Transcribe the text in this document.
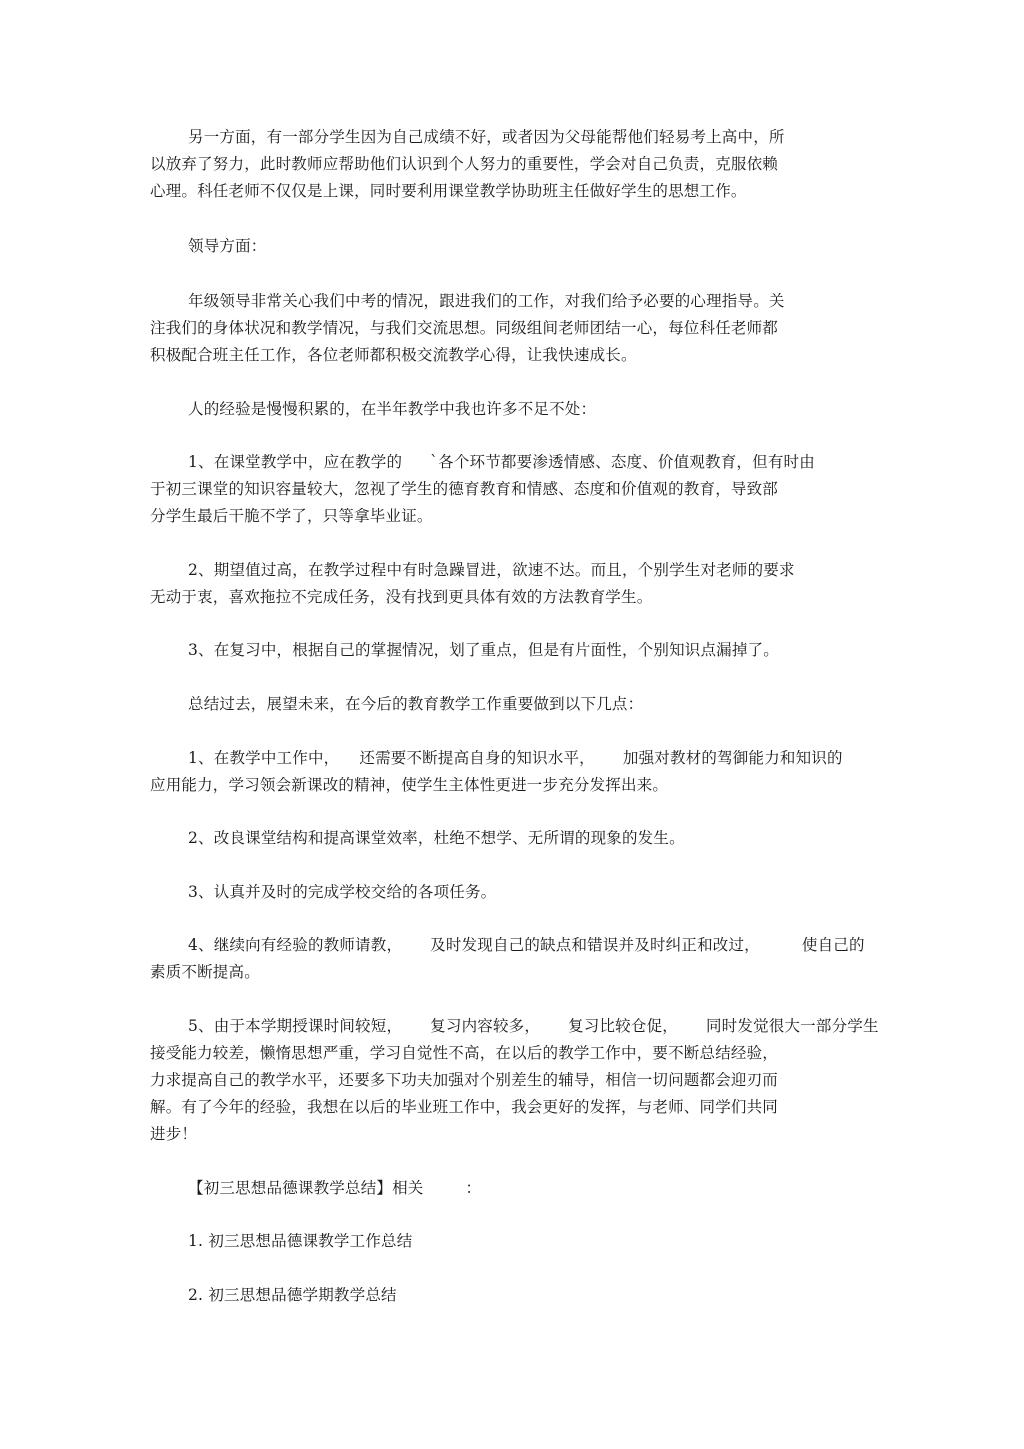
另一方面，有一部分学生因为自己成绩不好，或者因为父母能帮他们轻易考上高中，所
以放弃了努力，此时教师应帮助他们认识到个人努力的重要性，学会对自己负责，克服依赖
心理。科任老师不仅仅是上课，同时要利用课堂教学协助班主任做好学生的思想工作。

领导方面：

年级领导非常关心我们中考的情况，跟进我们的工作，对我们给予必要的心理指导。关
注我们的身体状况和教学情况，与我们交流思想。同级组间老师团结一心，每位科任老师都
积极配合班主任工作，各位老师都积极交流教学心得，让我快速成长。

人的经验是慢慢积累的，在半年教学中我也许多不足不处：

1、在课堂教学中，应在教学的 `各个环节都要渗透情感、态度、价值观教育，但有时由
于初三课堂的知识容量较大，忽视了学生的德育教育和情感、态度和价值观的教育，导致部
分学生最后干脆不学了，只等拿毕业证。

2、期望值过高，在教学过程中有时急躁冒进，欲速不达。而且，个别学生对老师的要求
无动于衷，喜欢拖拉不完成任务，没有找到更具体有效的方法教育学生。

3、在复习中，根据自己的掌握情况，划了重点，但是有片面性，个别知识点漏掉了。

总结过去，展望未来，在今后的教育教学工作重要做到以下几点：

1、在教学中工作中， 还需要不断提高自身的知识水平， 加强对教材的驾御能力和知识的
应用能力，学习领会新课改的精神，使学生主体性更进一步充分发挥出来。

2、改良课堂结构和提高课堂效率，杜绝不想学、无所谓的现象的发生。

3、认真并及时的完成学校交给的各项任务。

4、继续向有经验的教师请教， 及时发现自己的缺点和错误并及时纠正和改过，	使自己的
素质不断提高。

5、由于本学期授课时间较短， 复习内容较多， 复习比较仓促， 同时发觉很大一部分学生
接受能力较差，懒惰思想严重，学习自觉性不高，在以后的教学工作中，要不断总结经验，
力求提高自己的教学水平，还要多下功夫加强对个别差生的辅导，相信一切问题都会迎刃而
解。有了今年的经验，我想在以后的毕业班工作中，我会更好的发挥，与老师、同学们共同
进步！

【初三思想品德课教学总结】相关	：

1. 初三思想品德课教学工作总结

2. 初三思想品德学期教学总结
